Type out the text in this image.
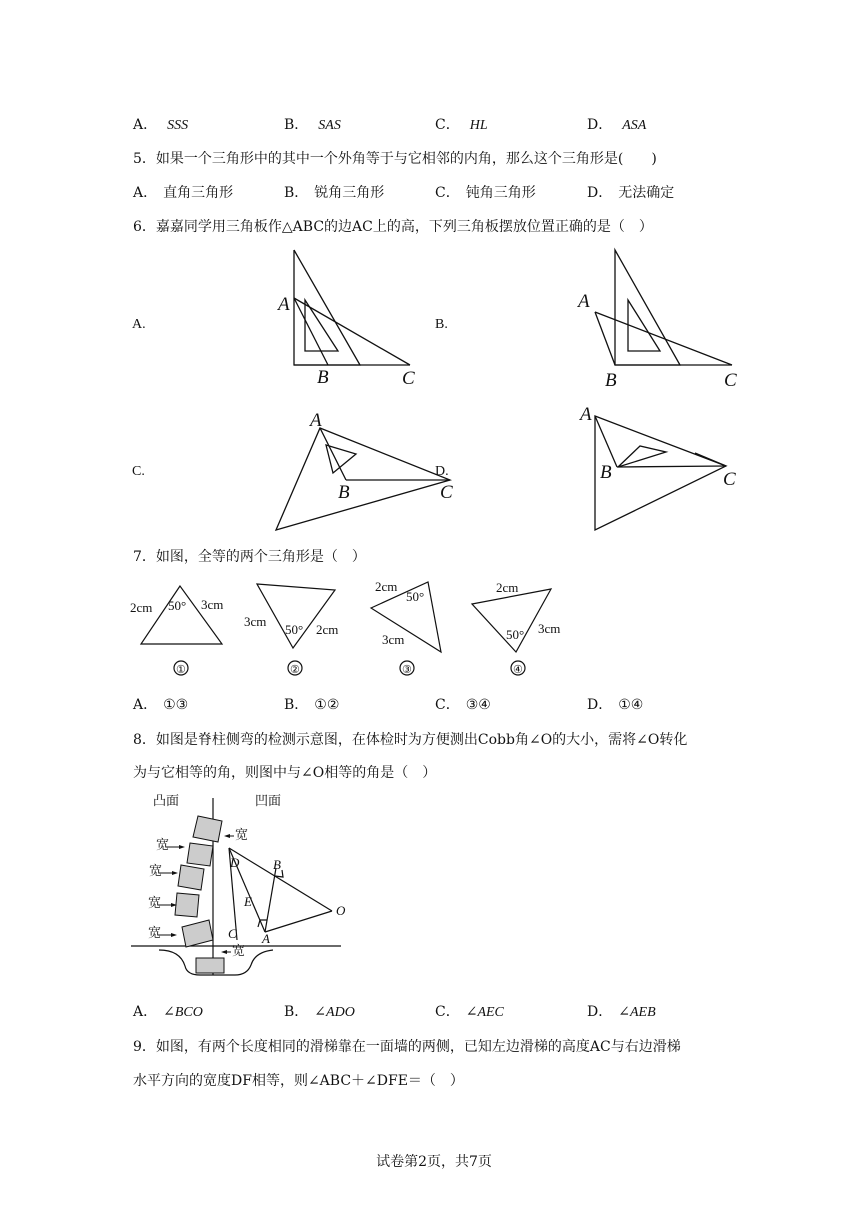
A． SSS	B． SAS	C． HL	D． ASA
5．如果一个三角形中的其中一个外角等于与它相邻的内角，那么这个三角形是(　　)
A． 直角三角形	B． 锐角三角形	C． 钝角三角形	D． 无法确定
6．嘉嘉同学用三角板作△ABC的边AC上的高，下列三角板摆放位置正确的是（　）
A.
A
B	C
B.
A
B	C
C.
A
B	C
D.
A
B	C
7．如图，全等的两个三角形是（　）
2cm	3cm
50°
①
3cm
2cm
50°
②
2cm
3cm
50°
③
2cm
3cm
50°
④
A． ①③	B． ①②	C． ③④	D． ①④
8．如图是脊柱侧弯的检测示意图，在体检时为方便测出Cobb角∠O的大小，需将∠O转化
为与它相等的角，则图中与∠O相等的角是（　）
凸面	凹面
宽
宽
宽
宽
宽
宽
D	B
E
C A
O
A． ∠BCO	B． ∠ADO	C． ∠AEC	D． ∠AEB
9．如图，有两个长度相同的滑梯靠在一面墙的两侧，已知左边滑梯的高度AC与右边滑梯
水平方向的宽度DF相等，则∠ABC＋∠DFE＝（　）
试卷第2页，共7页
